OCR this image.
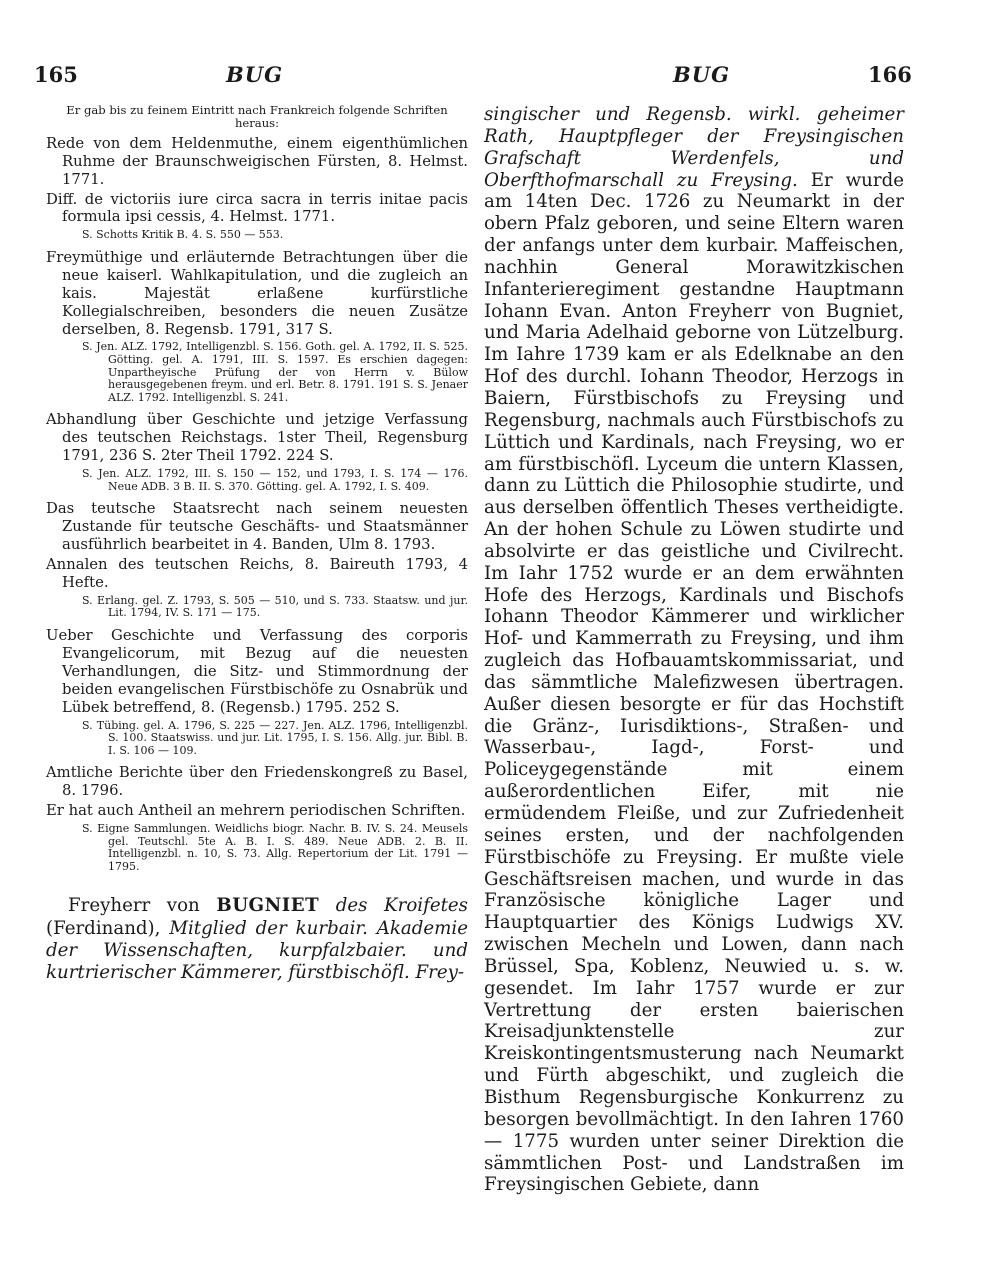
165	BUG	BUG	166

Er gab bis zu feinem Eintritt nach Frankreich folgende Schriften heraus:

Rede von dem Heldenmuthe, einem eigenthümlichen Ruhme der Braunschweigischen Fürsten, 8. Helmst. 1771.

Diff. de victoriis iure circa sacra in terris initae pacis formula ipsi cessis, 4. Helmst. 1771.

S. Schotts Kritik B. 4. S. 550 — 553.

Freymüthige und erläuternde Betrachtungen über die neue kaiserl. Wahlkapitulation, und die zugleich an kais. Majestät erlaßene kurfürstliche Kollegialschreiben, besonders die neuen Zusätze derselben, 8. Regensb. 1791, 317 S.

S. Jen. ALZ. 1792, Intelligenzbl. S. 156. Goth. gel. A. 1792, II. S. 525. Götting. gel. A. 1791, III. S. 1597. Es erschien dagegen: Unpartheyische Prüfung der von Herrn v. Bülow herausgegebenen freym. und erl. Betr. 8. 1791. 191 S. S. Jenaer ALZ. 1792. Intelligenzbl. S. 241.

Abhandlung über Geschichte und jetzige Verfassung des teutschen Reichstags. 1ster Theil, Regensburg 1791, 236 S. 2ter Theil 1792. 224 S.

S. Jen. ALZ. 1792, III. S. 150 — 152, und 1793, I. S. 174 — 176. Neue ADB. 3 B. II. S. 370. Götting. gel. A. 1792, I. S. 409.

Das teutsche Staatsrecht nach seinem neuesten Zustande für teutsche Geschäfts- und Staatsmänner ausführlich bearbeitet in 4. Banden, Ulm 8. 1793.

Annalen des teutschen Reichs, 8. Baireuth 1793, 4 Hefte.

S. Erlang. gel. Z. 1793, S. 505 — 510, und S. 733. Staatsw. und jur. Lit. 1794, IV. S. 171 — 175.

Ueber Geschichte und Verfassung des corporis Evangelicorum, mit Bezug auf die neuesten Verhandlungen, die Sitz- und Stimmordnung der beiden evangelischen Fürstbischöfe zu Osnabrük und Lübek betreffend, 8. (Regensb.) 1795. 252 S.

S. Tübing. gel. A. 1796, S. 225 — 227. Jen. ALZ. 1796, Intelligenzbl. S. 100. Staatswiss. und jur. Lit. 1795, I. S. 156. Allg. jur. Bibl. B. I. S. 106 — 109.

Amtliche Berichte über den Friedenskongreß zu Basel, 8. 1796.

Er hat auch Antheil an mehrern periodischen Schriften.

S. Eigne Sammlungen. Weidlichs biogr. Nachr. B. IV. S. 24. Meusels gel. Teutschl. 5te A. B. I. S. 489. Neue ADB. 2. B. II. Intelligenzbl. n. 10, S. 73. Allg. Repertorium der Lit. 1791 — 1795.

Freyherr von BUGNIET des Kroifetes (Ferdinand), Mitglied der kurbair. Akademie der Wissenschaften, kurpfalzbaier. und kurtrierischer Kämmerer, fürstbischöfl. Frey-

singischer und Regensb. wirkl. geheimer Rath, Hauptpfleger der Freysingischen Grafschaft Werdenfels, und Oberfthofmarschall zu Freysing. Er wurde am 14ten Dec. 1726 zu Neumarkt in der obern Pfalz geboren, und seine Eltern waren der anfangs unter dem kurbair. Maffeischen, nachhin General Morawitzkischen Infanterieregiment gestandne Hauptmann Iohann Evan. Anton Freyherr von Bugniet, und Maria Adelhaid geborne von Lützelburg. Im Iahre 1739 kam er als Edelknabe an den Hof des durchl. Iohann Theodor, Herzogs in Baiern, Fürstbischofs zu Freysing und Regensburg, nachmals auch Fürstbischofs zu Lüttich und Kardinals, nach Freysing, wo er am fürstbischöfl. Lyceum die untern Klassen, dann zu Lüttich die Philosophie studirte, und aus derselben öffentlich Theses vertheidigte. An der hohen Schule zu Löwen studirte und absolvirte er das geistliche und Civilrecht. Im Iahr 1752 wurde er an dem erwähnten Hofe des Herzogs, Kardinals und Bischofs Iohann Theodor Kämmerer und wirklicher Hof- und Kammerrath zu Freysing, und ihm zugleich das Hofbauamtskommissariat, und das sämmtliche Malefizwesen übertragen. Außer diesen besorgte er für das Hochstift die Gränz-, Iurisdiktions-, Straßen- und Wasserbau-, Iagd-, Forst- und Policeygegenstände mit einem außerordentlichen Eifer, mit nie ermüdendem Fleiße, und zur Zufriedenheit seines ersten, und der nachfolgenden Fürstbischöfe zu Freysing. Er mußte viele Geschäftsreisen machen, und wurde in das Französische königliche Lager und Hauptquartier des Königs Ludwigs XV. zwischen Mecheln und Lowen, dann nach Brüssel, Spa, Koblenz, Neuwied u. s. w. gesendet. Im Iahr 1757 wurde er zur Vertrettung der ersten baierischen Kreisadjunktenstelle zur Kreiskontingentsmusterung nach Neumarkt und Fürth abgeschikt, und zugleich die Bisthum Regensburgische Konkurrenz zu besorgen bevollmächtigt. In den Iahren 1760 — 1775 wurden unter seiner Direktion die sämmtlichen Post- und Landstraßen im Freysingischen Gebiete, dann
